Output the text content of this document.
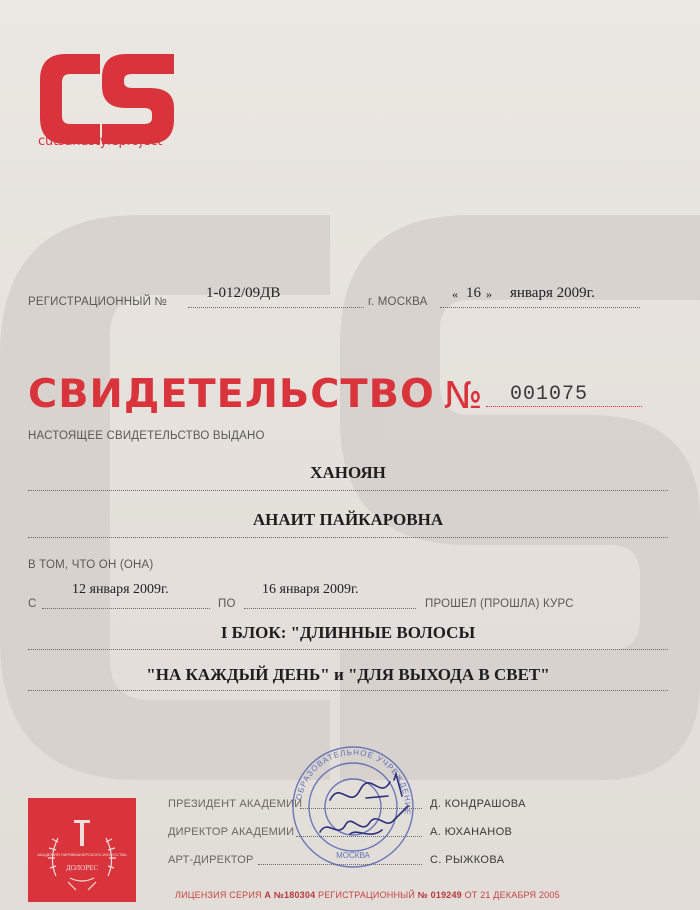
cutsandstyleproject
РЕГИСТРАЦИОННЫЙ №
1-012/09ДВ
г. МОСКВА
« 16 » января 2009г.
СВИДЕТЕЛЬСТВО № 001075
НАСТОЯЩЕЕ СВИДЕТЕЛЬСТВО ВЫДАНО
ХАНОЯН
АНАИТ ПАЙКАРОВНА
В ТОМ, ЧТО ОН (ОНА)
С
12 января 2009г.
ПО
16 января 2009г.
ПРОШЕЛ (ПРОШЛА) КУРС
I БЛОК: "ДЛИННЫЕ ВОЛОСЫ
"НА КАЖДЫЙ ДЕНЬ" и "ДЛЯ ВЫХОДА В СВЕТ"
АКАДЕМИЯ ПАРИКМАХЕРСКОГО ИСКУССТВА
ДОЛОРЕС
ПРЕЗИДЕНТ АКАДЕМИИ	Д. КОНДРАШОВА
ДИРЕКТОР АКАДЕМИИ	А. ЮХАНАНОВ
АРТ-ДИРЕКТОР	С. РЫЖКОВА
ОБРАЗОВАТЕЛЬНОЕ УЧРЕЖДЕНИЕ
МОСКВА
ЛИЦЕНЗИЯ СЕРИЯ А №180304 РЕГИСТРАЦИОННЫЙ № 019249 ОТ 21 ДЕКАБРЯ 2005
